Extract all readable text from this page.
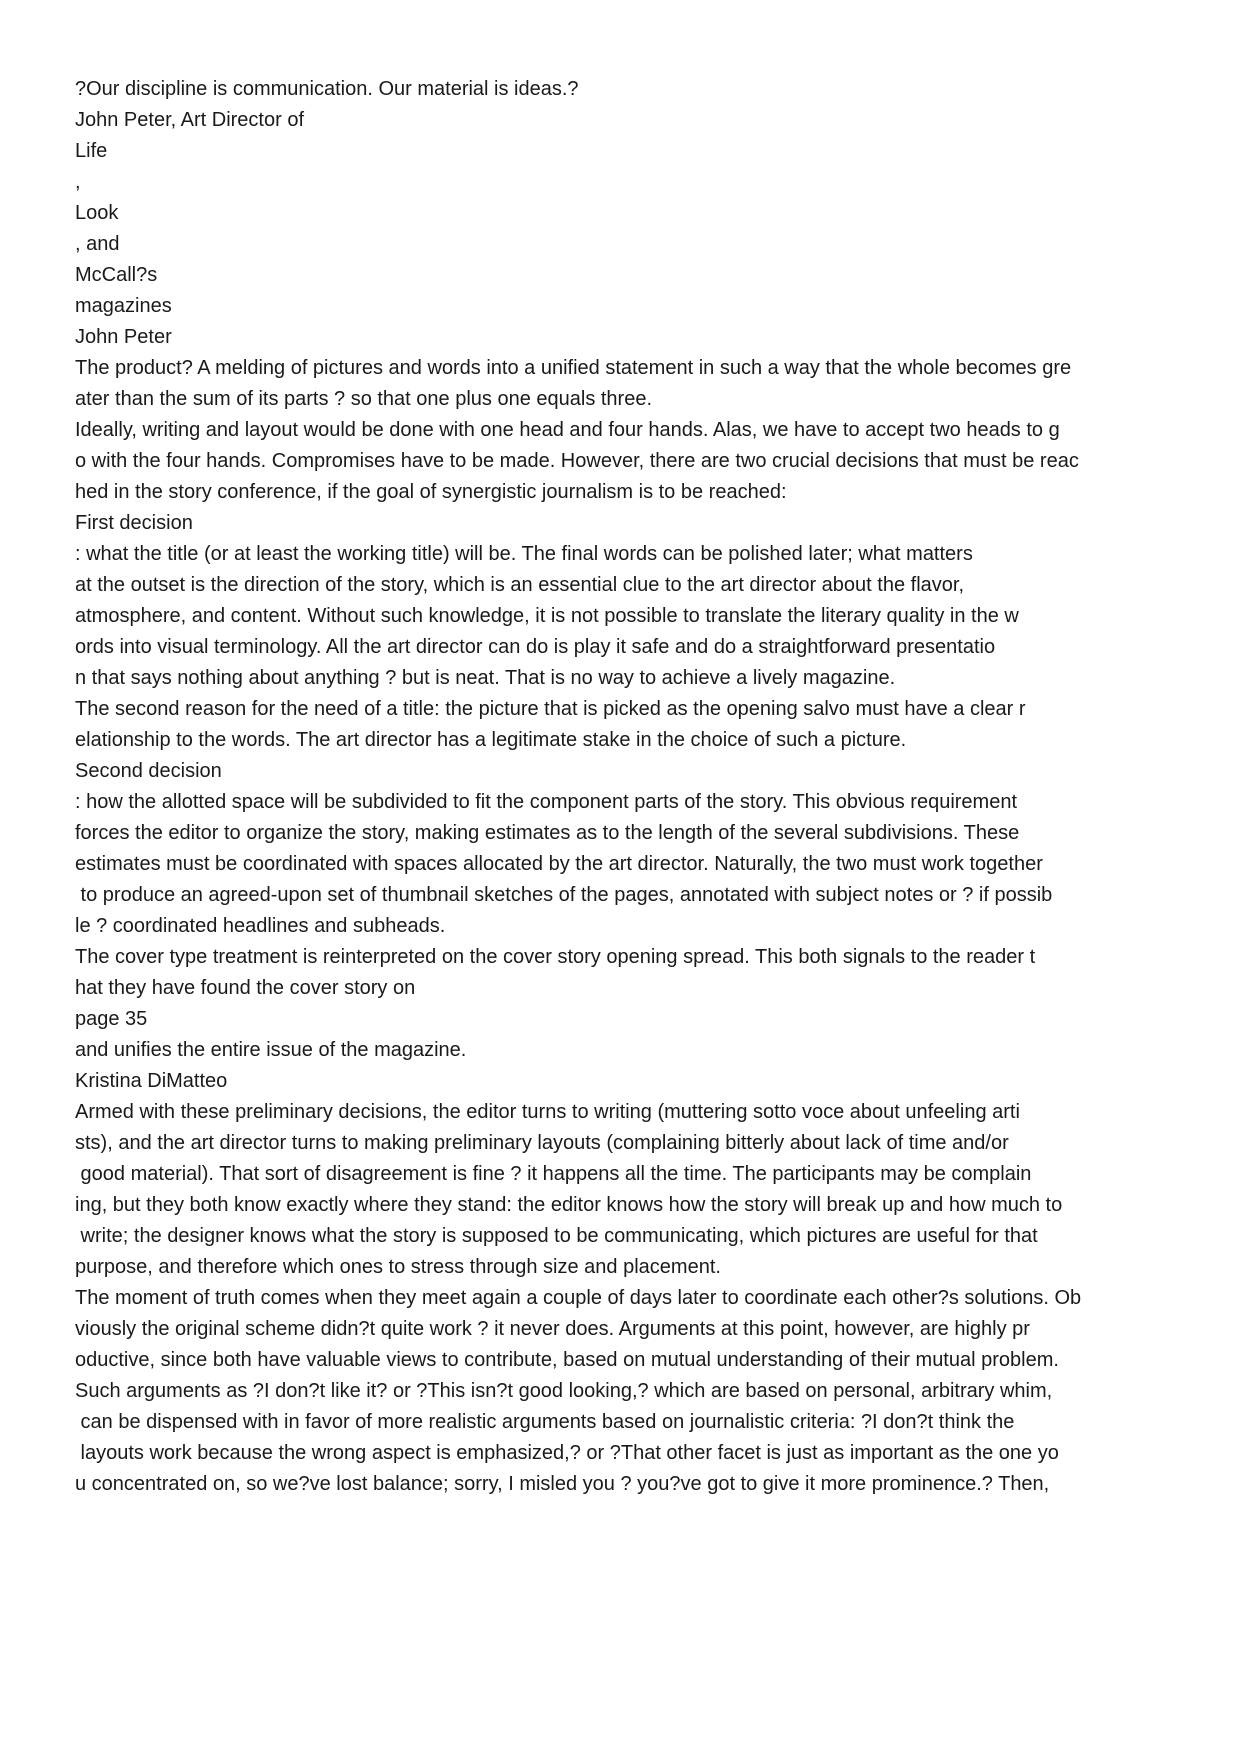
?Our discipline is communication. Our material is ideas.?
John Peter, Art Director of
Life
,
Look
, and
McCall?s
magazines
John Peter
The product? A melding of pictures and words into a unified statement in such a way that the whole becomes gre
ater than the sum of its parts ? so that one plus one equals three.
Ideally, writing and layout would be done with one head and four hands. Alas, we have to accept two heads to g
o with the four hands. Compromises have to be made. However, there are two crucial decisions that must be reac
hed in the story conference, if the goal of synergistic journalism is to be reached:
First decision
: what the title (or at least the working title) will be. The final words can be polished later; what matters
at the outset is the direction of the story, which is an essential clue to the art director about the flavor,
atmosphere, and content. Without such knowledge, it is not possible to translate the literary quality in the w
ords into visual terminology. All the art director can do is play it safe and do a straightforward presentatio
n that says nothing about anything ? but is neat. That is no way to achieve a lively magazine.
The second reason for the need of a title: the picture that is picked as the opening salvo must have a clear r
elationship to the words. The art director has a legitimate stake in the choice of such a picture.
Second decision
: how the allotted space will be subdivided to fit the component parts of the story. This obvious requirement
forces the editor to organize the story, making estimates as to the length of the several subdivisions. These
estimates must be coordinated with spaces allocated by the art director. Naturally, the two must work together
to produce an agreed-upon set of thumbnail sketches of the pages, annotated with subject notes or ? if possib
le ? coordinated headlines and subheads.
The cover type treatment is reinterpreted on the cover story opening spread. This both signals to the reader t
hat they have found the cover story on
page 35
and unifies the entire issue of the magazine.
Kristina DiMatteo
Armed with these preliminary decisions, the editor turns to writing (muttering sotto voce about unfeeling arti
sts), and the art director turns to making preliminary layouts (complaining bitterly about lack of time and/or
good material). That sort of disagreement is fine ? it happens all the time. The participants may be complain
ing, but they both know exactly where they stand: the editor knows how the story will break up and how much to
write; the designer knows what the story is supposed to be communicating, which pictures are useful for that
purpose, and therefore which ones to stress through size and placement.
The moment of truth comes when they meet again a couple of days later to coordinate each other?s solutions. Ob
viously the original scheme didn?t quite work ? it never does. Arguments at this point, however, are highly pr
oductive, since both have valuable views to contribute, based on mutual understanding of their mutual problem.
Such arguments as ?I don?t like it? or ?This isn?t good looking,? which are based on personal, arbitrary whim,
can be dispensed with in favor of more realistic arguments based on journalistic criteria: ?I don?t think the
layouts work because the wrong aspect is emphasized,? or ?That other facet is just as important as the one yo
u concentrated on, so we?ve lost balance; sorry, I misled you ? you?ve got to give it more prominence.? Then,
